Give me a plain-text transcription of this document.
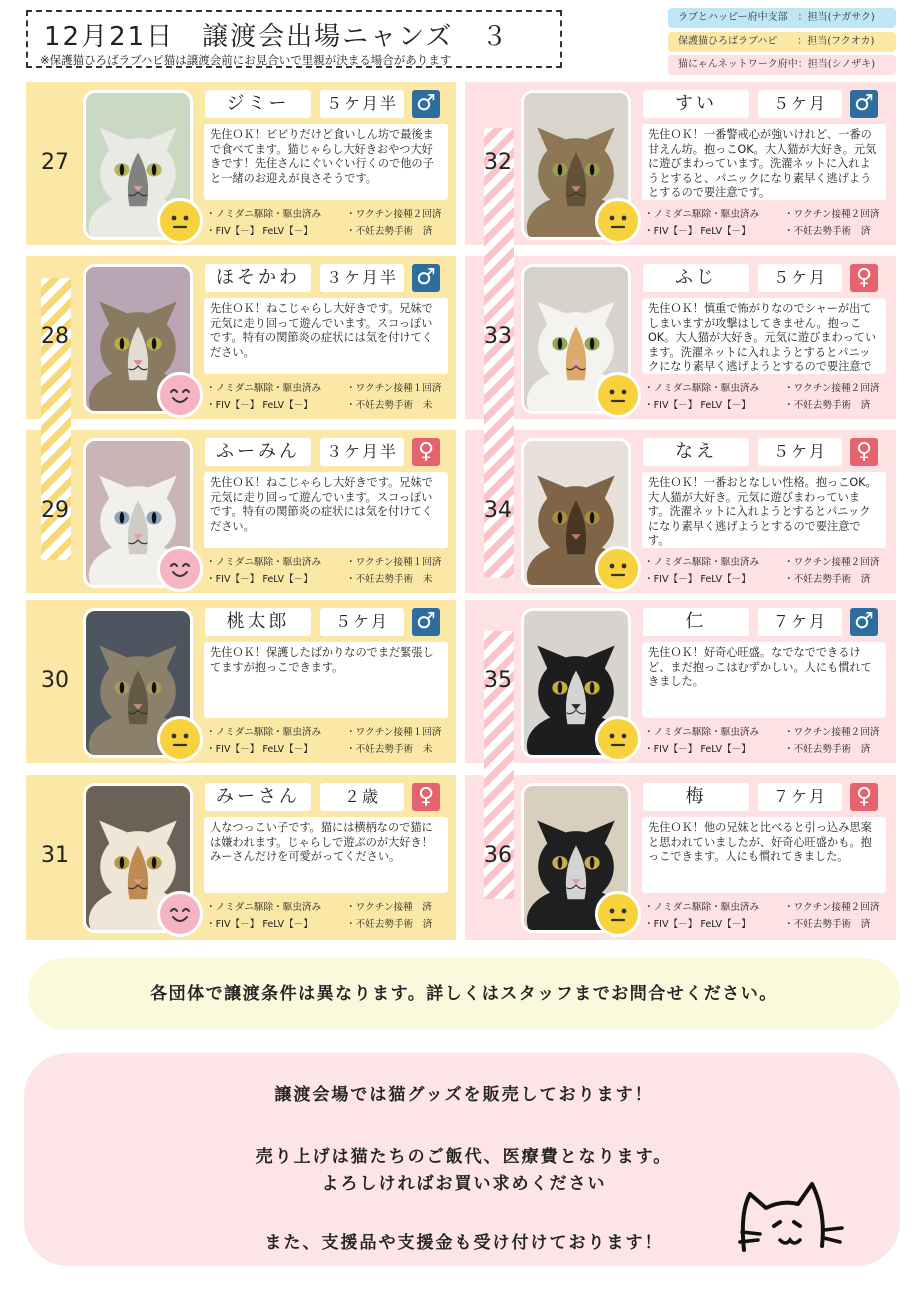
12月21日　譲渡会出場ニャンズ　３
※保護猫ひろばラブハピ猫は譲渡会前にお見合いで里親が決まる場合があります
ラブとハッピー府中支部　：担当(ナガサク)
保護猫ひろばラブハピ　　：担当(フクオカ)
猫にゃんネットワーク府中：担当(シノザキ)
ジミー	５ケ月半 ♂
先住ＯＫ！ビビりだけど食いしん坊で最後まで食べてます。猫じゃらし大好きおやつ大好きです！先住さんにぐいぐい行くので他の子と一緒のお迎えが良さそうです。
・ノミダニ駆除・駆虫済み	・ワクチン接種２回済
・FIV【－】 FeLV【－】	・不妊去勢手術　済
ほそかわ	３ケ月半 ♂
先住ＯＫ！ねこじゃらし大好きです。兄妹で元気に走り回って遊んでいます。スコっぽいです。特有の関節炎の症状には気を付けてください。
・ノミダニ駆除・駆虫済み	・ワクチン接種１回済
・FIV【－】 FeLV【－】	・不妊去勢手術　未
ふーみん	３ケ月半 ♀
先住ＯＫ！ねこじゃらし大好きです。兄妹で元気に走り回って遊んでいます。スコっぽいです。特有の関節炎の症状には気を付けてください。
・ノミダニ駆除・駆虫済み	・ワクチン接種１回済
・FIV【－】 FeLV【－】	・不妊去勢手術　未
桃太郎	５ケ月	♂
先住ＯＫ！保護したばかりなのでまだ緊張してますが抱っこできます。
・ノミダニ駆除・駆虫済み	・ワクチン接種１回済
・FIV【－】 FeLV【－】	・不妊去勢手術　未
みーさん	２歳	♀
人なつっこい子です。猫には横柄なので猫には嫌われます。じゃらしで遊ぶのが大好き！みーさんだけを可愛がってください。
・ノミダニ駆除・駆虫済み	・ワクチン接種　済
・FIV【－】 FeLV【－】	・不妊去勢手術　済
すい	５ケ月	♂
先住ＯＫ！一番警戒心が強いけれど、一番の甘えん坊。抱っこOK。大人猫が大好き。元気に遊びまわっています。洗濯ネットに入れようとすると、パニックになり素早く逃げようとするので要注意です。
・ノミダニ駆除・駆虫済み	・ワクチン接種２回済
・FIV【－】 FeLV【－】	・不妊去勢手術　済
ふじ	５ケ月	♀
先住ＯＫ！慎重で怖がりなのでシャーが出てしまいますが攻撃はしてきません。抱っこOK。大人猫が大好き。元気に遊びまわっています。洗濯ネットに入れようとするとパニックになり素早く逃げようとするので要注意で
・ノミダニ駆除・駆虫済み	・ワクチン接種２回済
・FIV【－】 FeLV【－】	・不妊去勢手術　済
なえ	５ケ月	♀
先住ＯＫ！一番おとなしい性格。抱っこOK。大人猫が大好き。元気に遊びまわっています。洗濯ネットに入れようとするとパニックになり素早く逃げようとするので要注意です。
・ノミダニ駆除・駆虫済み	・ワクチン接種２回済
・FIV【－】 FeLV【－】	・不妊去勢手術　済
仁	７ケ月	♂
先住ＯＫ！好奇心旺盛。なでなでできるけど、まだ抱っこはむずかしい。人にも慣れてきました。
・ノミダニ駆除・駆虫済み	・ワクチン接種２回済
・FIV【－】 FeLV【－】	・不妊去勢手術　済
梅	７ケ月	♀
先住ＯＫ！他の兄妹と比べると引っ込み思案と思われていましたが、好奇心旺盛かも。抱っこできます。人にも慣れてきました。
・ノミダニ駆除・駆虫済み	・ワクチン接種２回済
・FIV【－】 FeLV【－】	・不妊去勢手術　済
27
28
29
30
31
32
33
34
35
36
各団体で譲渡条件は異なります。詳しくはスタッフまでお問合せください。
譲渡会場では猫グッズを販売しております！
売り上げは猫たちのご飯代、医療費となります。
よろしければお買い求めください
また、支援品や支援金も受け付けております！
